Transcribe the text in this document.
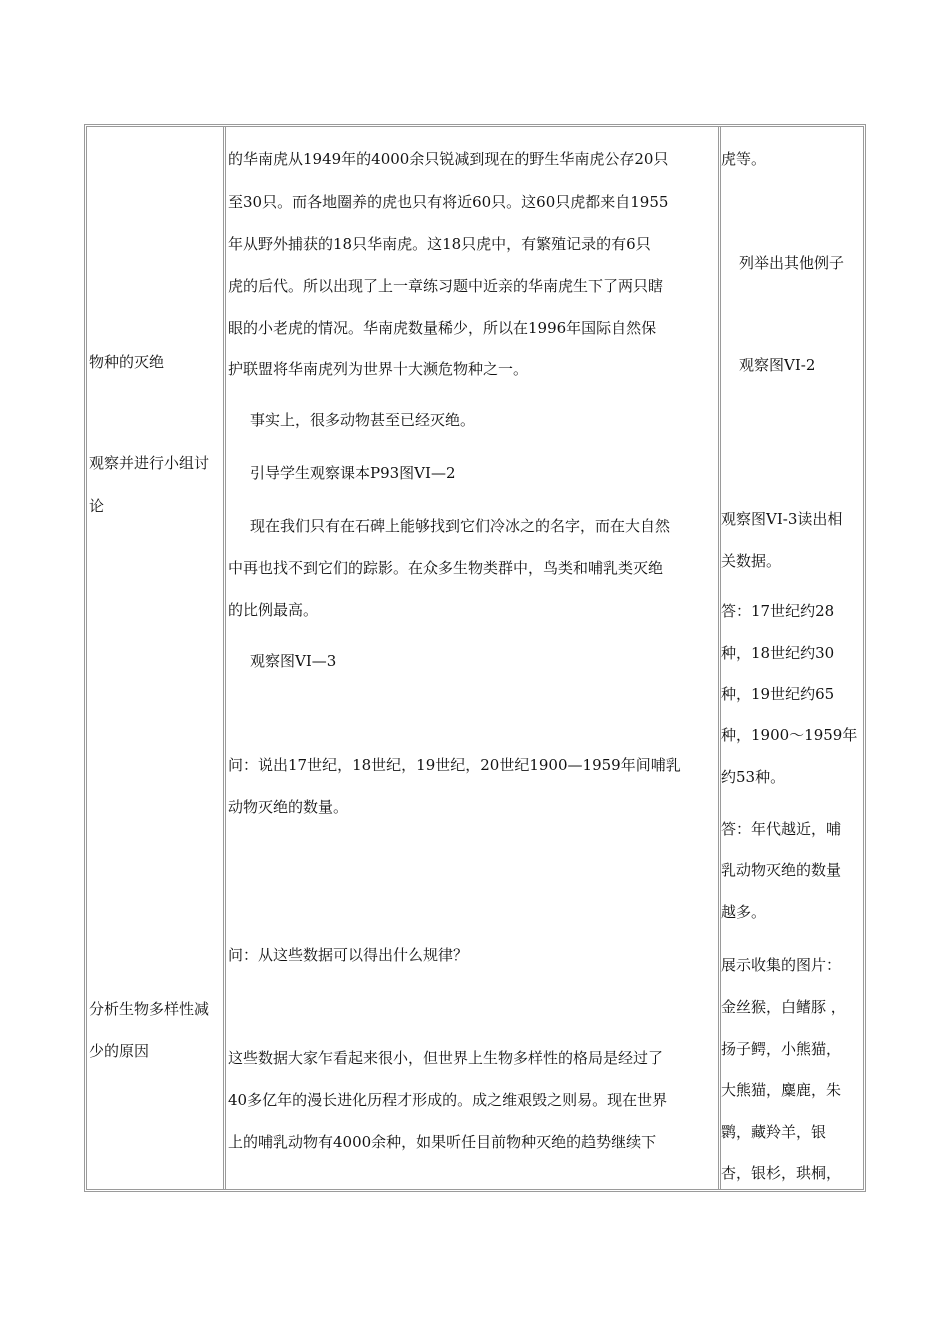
物种的灭绝
观察并进行小组讨
论
分析生物多样性减
少的原因
的华南虎从1949年的4000余只锐减到现在的野生华南虎公存20只
至30只。而各地圈养的虎也只有将近60只。这60只虎都来自1955
年从野外捕获的18只华南虎。这18只虎中，有繁殖记录的有6只
虎的后代。所以出现了上一章练习题中近亲的华南虎生下了两只瞎
眼的小老虎的情况。华南虎数量稀少，所以在1996年国际自然保
护联盟将华南虎列为世界十大濒危物种之一。
事实上，很多动物甚至已经灭绝。
引导学生观察课本P93图VI—2
现在我们只有在石碑上能够找到它们冷冰之的名字，而在大自然
中再也找不到它们的踪影。在众多生物类群中，鸟类和哺乳类灭绝
的比例最高。
观察图VI—3
问：说出17世纪，18世纪，19世纪，20世纪1900—1959年间哺乳
动物灭绝的数量。
问：从这些数据可以得出什么规律？
这些数据大家乍看起来很小，但世界上生物多样性的格局是经过了
40多亿年的漫长进化历程才形成的。成之维艰毁之则易。现在世界
上的哺乳动物有4000余种，如果听任目前物种灭绝的趋势继续下
虎等。
列举出其他例子
观察图VI-2
观察图VI-3读出相
关数据。
答：17世纪约28
种，18世纪约30
种，19世纪约65
种，1900～1959年
约53种。
答：年代越近，哺
乳动物灭绝的数量
越多。
展示收集的图片：
金丝猴，白鳍豚 ，
扬子鳄，小熊猫，
大熊猫，麋鹿，朱
鹮，藏羚羊，银
杏，银杉，珙桐，
